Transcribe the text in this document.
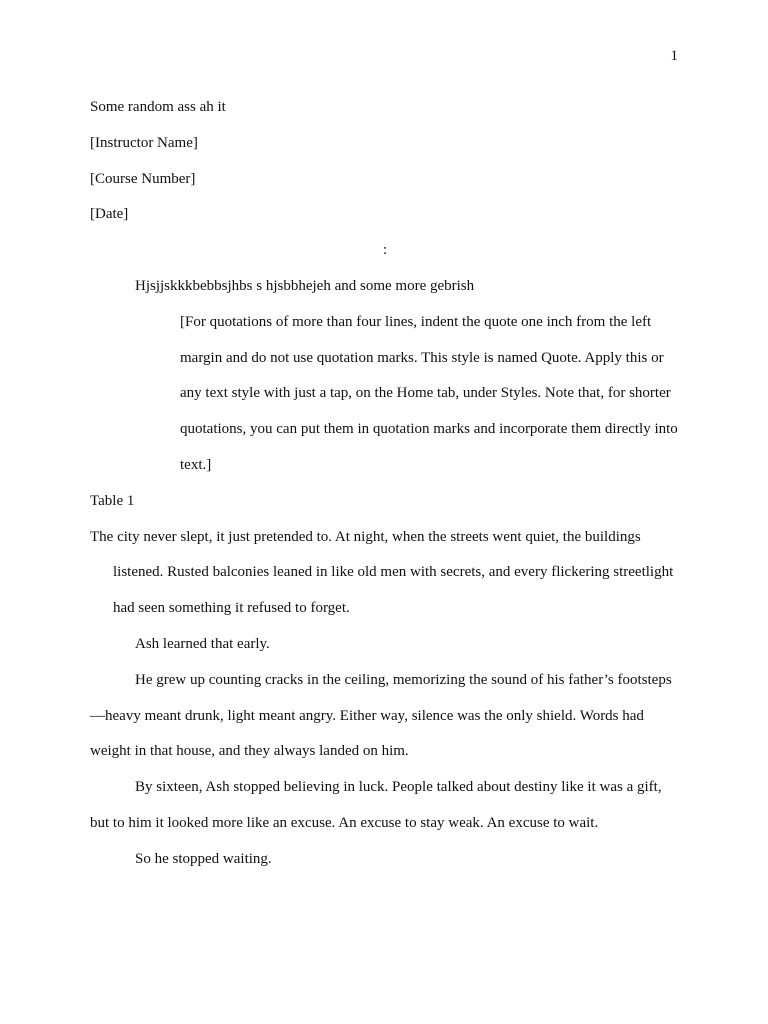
1

Some random ass ah it

[Instructor Name]

[Course Number]

[Date]

:

Hjsjjskkkbebbsjhbs s hjsbbhejeh and some more gebrish

[For quotations of more than four lines, indent the quote one inch from the left margin and do not use quotation marks. This style is named Quote. Apply this or any text style with just a tap, on the Home tab, under Styles. Note that, for shorter quotations, you can put them in quotation marks and incorporate them directly into text.]

Table 1

The city never slept, it just pretended to. At night, when the streets went quiet, the buildings listened. Rusted balconies leaned in like old men with secrets, and every flickering streetlight had seen something it refused to forget.

Ash learned that early.

He grew up counting cracks in the ceiling, memorizing the sound of his father’s footsteps—heavy meant drunk, light meant angry. Either way, silence was the only shield. Words had weight in that house, and they always landed on him.

By sixteen, Ash stopped believing in luck. People talked about destiny like it was a gift, but to him it looked more like an excuse. An excuse to stay weak. An excuse to wait.

So he stopped waiting.
